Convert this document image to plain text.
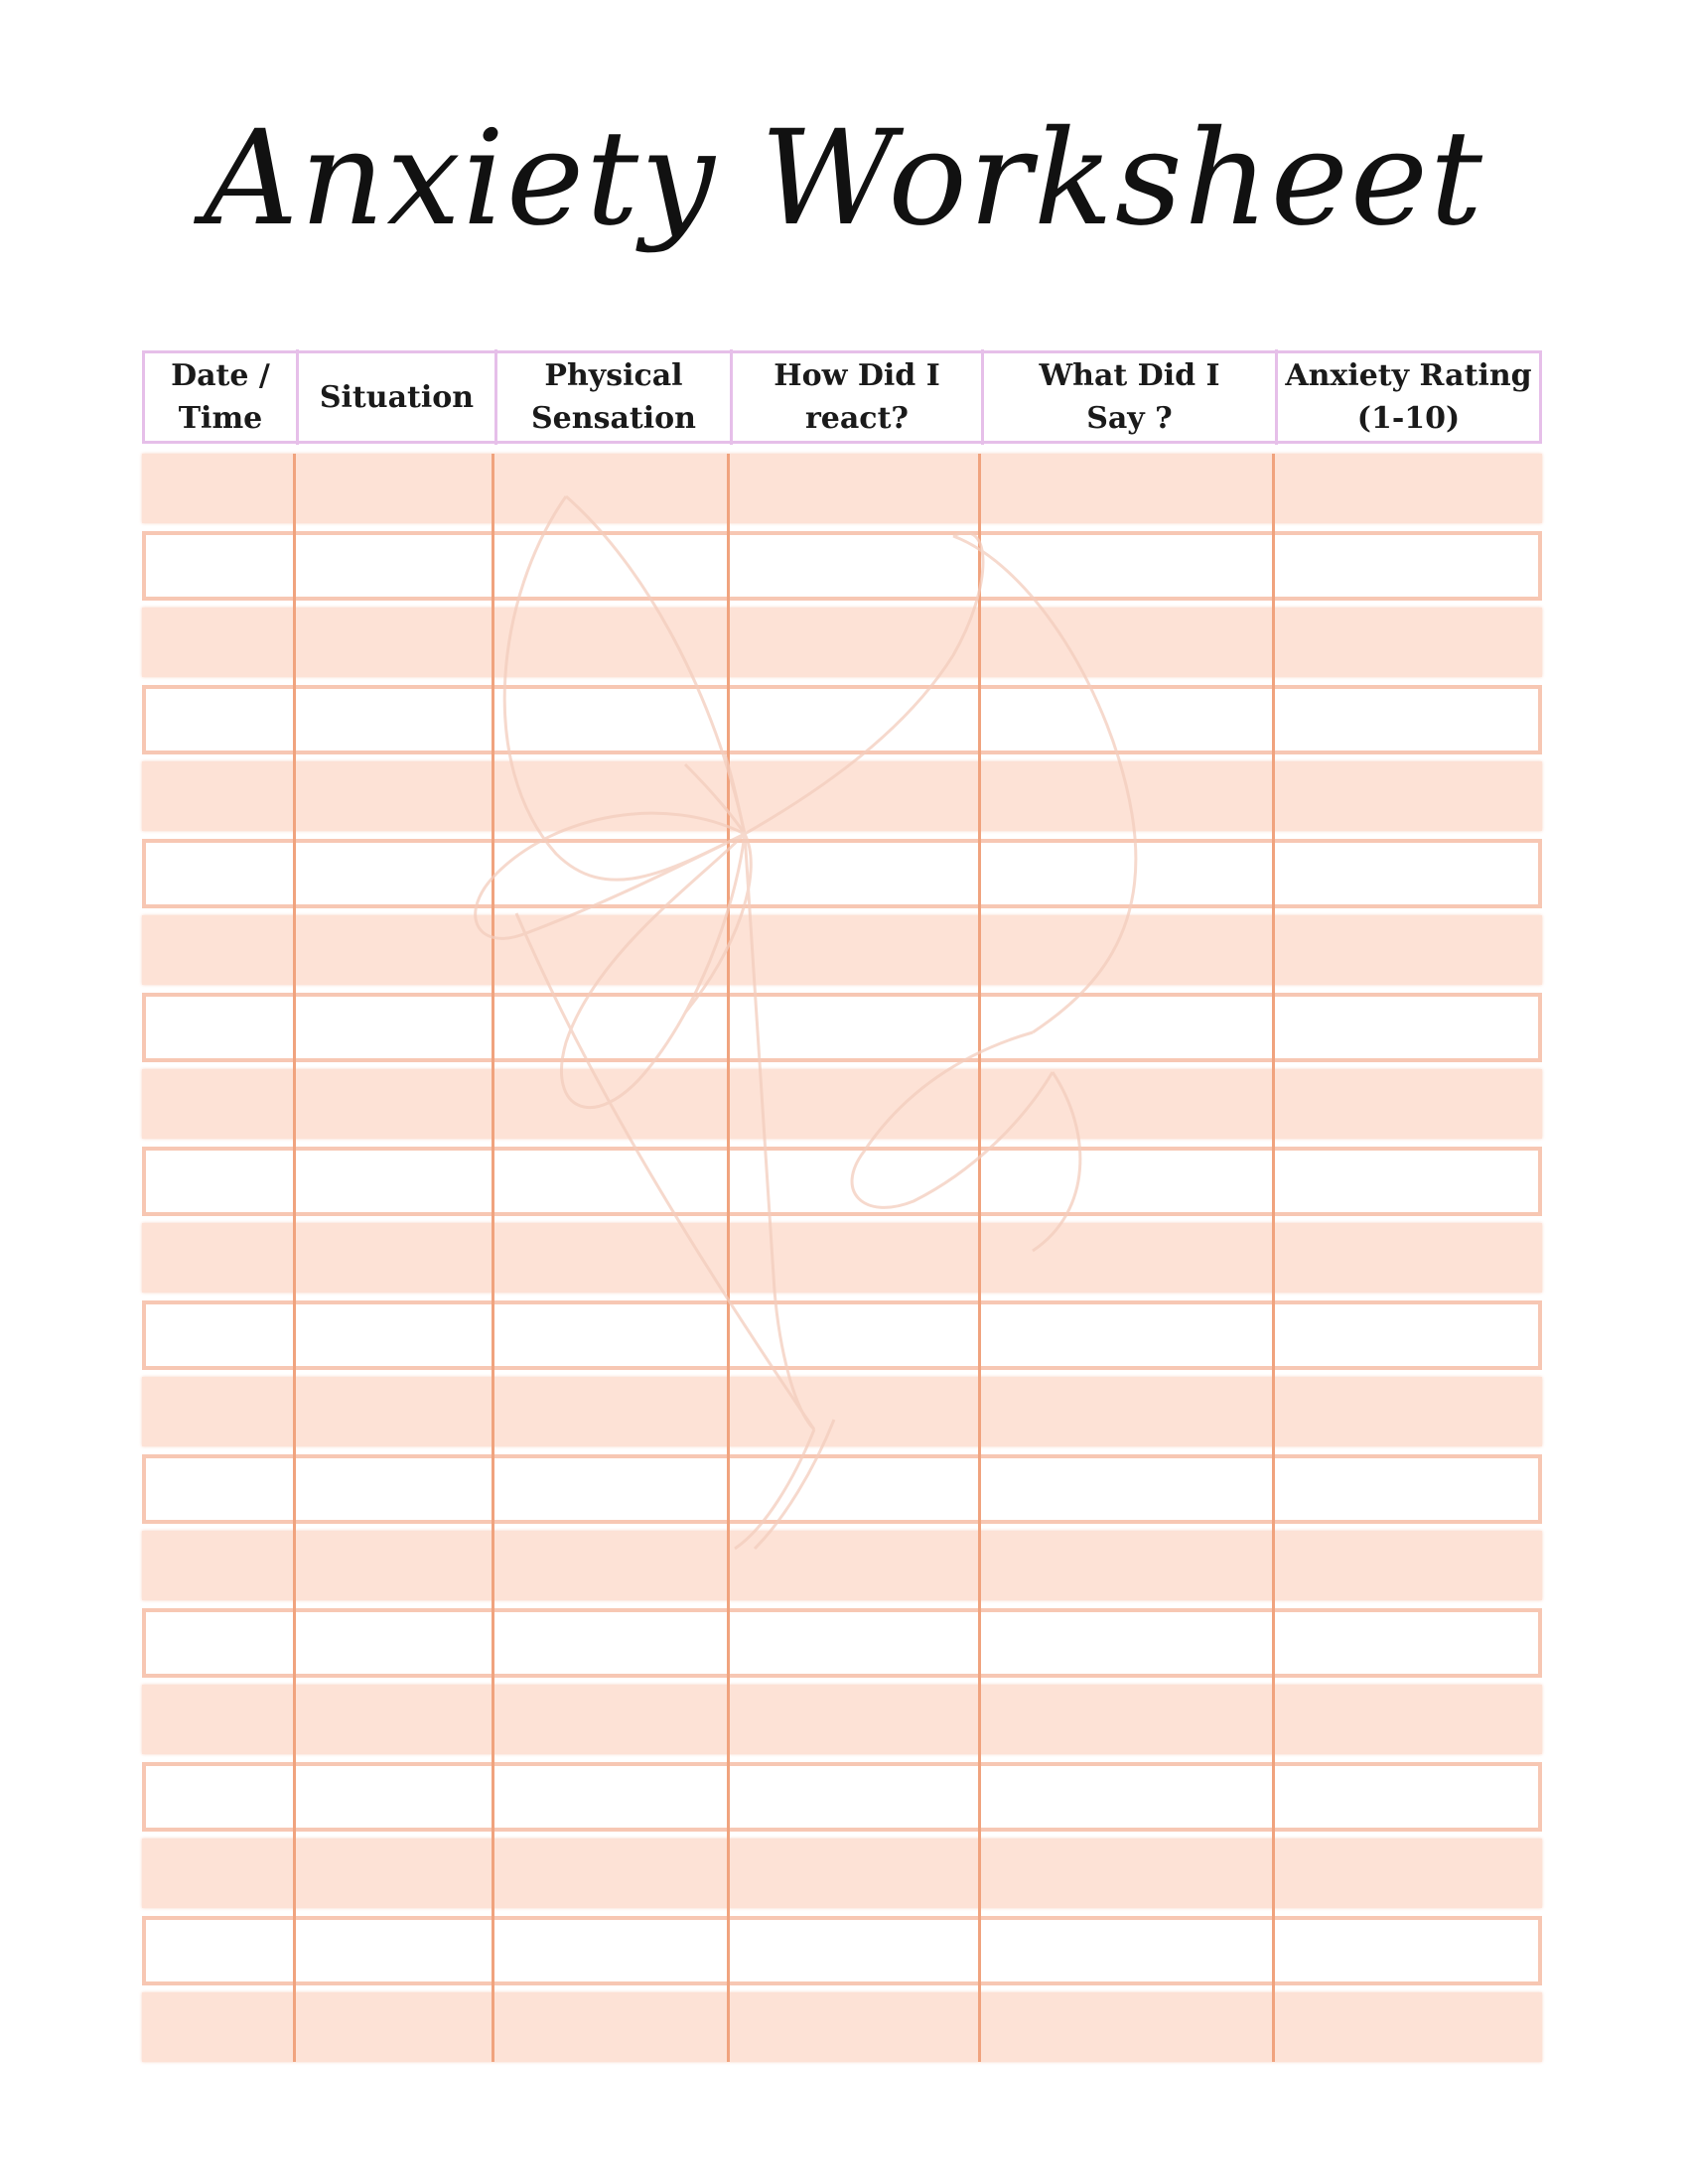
Anxiety Worksheet
Date /
Time
Situation
Physical
Sensation
How Did I
react?
What Did I
Say ?
Anxiety Rating
(1-10)
